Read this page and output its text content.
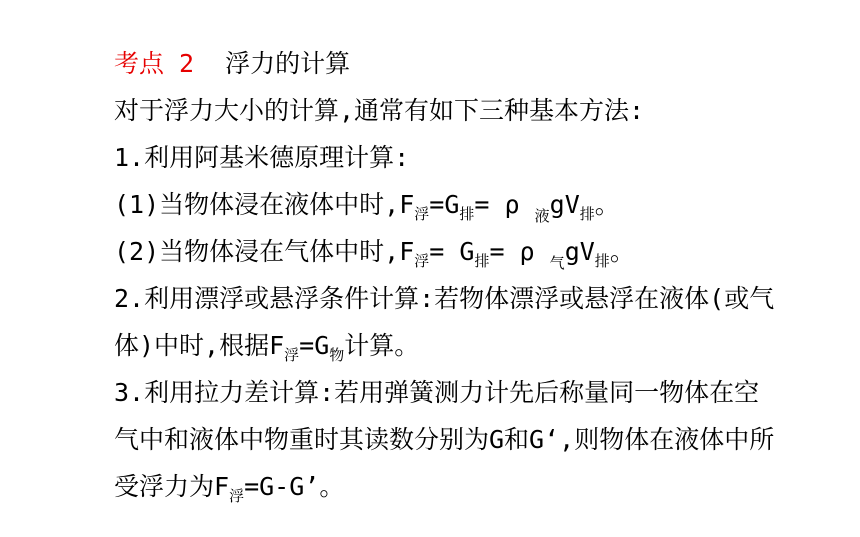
考点 2 浮力的计算
对于浮力大小的计算,通常有如下三种基本方法:
1.利用阿基米德原理计算:
(1)当物体浸在液体中时$,F_浮=G_排= \rho$ $_液gV_排$。
(2)当物体浸在气体中时$,F_浮= G_排= \rho$ $_气gV_排$。
2.利用漂浮或悬浮条件计算:若物体漂浮或悬浮在液体(或气
体)中时,根据$F_浮=G_物$计算。
3.利用拉力差计算:若用弹簧测力计先后称量同一物体在空
气中和液体中物重时其读数分别为G和G‘,则物体在液体中所
受浮力为$F_浮=G-G$’。
